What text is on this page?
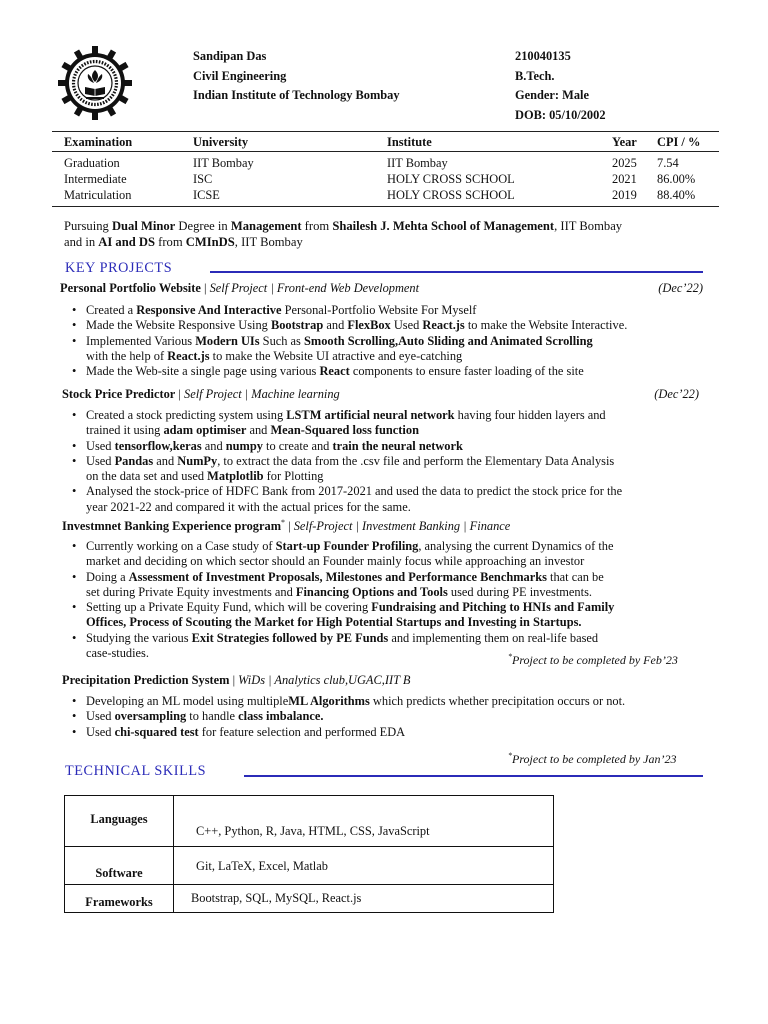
Sandipan Das
Civil Engineering
Indian Institute of Technology Bombay
210040135
B.Tech.
Gender: Male
DOB: 05/10/2002
Examination	University	Institute	Year CPI / %
Graduation	IIT Bombay	IIT Bombay	2025 7.54
Intermediate	ISC	HOLY CROSS SCHOOL	2021 86.00%
Matriculation	ICSE	HOLY CROSS SCHOOL	2019 88.40%
Pursuing Dual Minor Degree in Management from Shailesh J. Mehta School of Management, IIT Bombay
and in AI and DS from CMInDS, IIT Bombay
KEY PROJECTS
Personal Portfolio Website | Self Project | Front-end Web Development	(Dec’22)
• Created a Responsive And Interactive Personal-Portfolio Website For Myself
• Made the Website Responsive Using Bootstrap and FlexBox Used React.js to make the Website Interactive.
• Implemented Various Modern UIs Such as Smooth Scrolling,Auto Sliding and Animated Scrolling
with the help of React.js to make the Website UI atractive and eye-catching
• Made the Web-site a single page using various React components to ensure faster loading of the site
Stock Price Predictor | Self Project | Machine learning	(Dec’22)
• Created a stock predicting system using LSTM artificial neural network having four hidden layers and
trained it using adam optimiser and Mean-Squared loss function
• Used tensorflow,keras and numpy to create and train the neural network
• Used Pandas and NumPy, to extract the data from the .csv file and perform the Elementary Data Analysis
on the data set and used Matplotlib for Plotting
• Analysed the stock-price of HDFC Bank from 2017-2021 and used the data to predict the stock price for the
year 2021-22 and compared it with the actual prices for the same.
Investmnet Banking Experience program* | Self-Project | Investment Banking | Finance
• Currently working on a Case study of Start-up Founder Profiling, analysing the current Dynamics of the
market and deciding on which sector should an Founder mainly focus while approaching an investor
• Doing a Assessment of Investment Proposals, Milestones and Performance Benchmarks that can be
set during Private Equity investments and Financing Options and Tools used during PE investments.
• Setting up a Private Equity Fund, which will be covering Fundraising and Pitching to HNIs and Family
Offices, Process of Scouting the Market for High Potential Startups and Investing in Startups.
• Studying the various Exit Strategies followed by PE Funds and implementing them on real-life based
case-studies.	*Project to be completed by Feb’23
Precipitation Prediction System | WiDs | Analytics club,UGAC,IIT B
• Developing an ML model using multipleML Algorithms which predicts whether precipitation occurs or not.
• Used oversampling to handle class imbalance.
• Used chi-squared test for feature selection and performed EDA
*Project to be completed by Jan’23
TECHNICAL SKILLS
Languages	C++, Python, R, Java, HTML, CSS, JavaScript
Software	Git, LaTeX, Excel, Matlab
Frameworks	Bootstrap, SQL, MySQL, React.js
